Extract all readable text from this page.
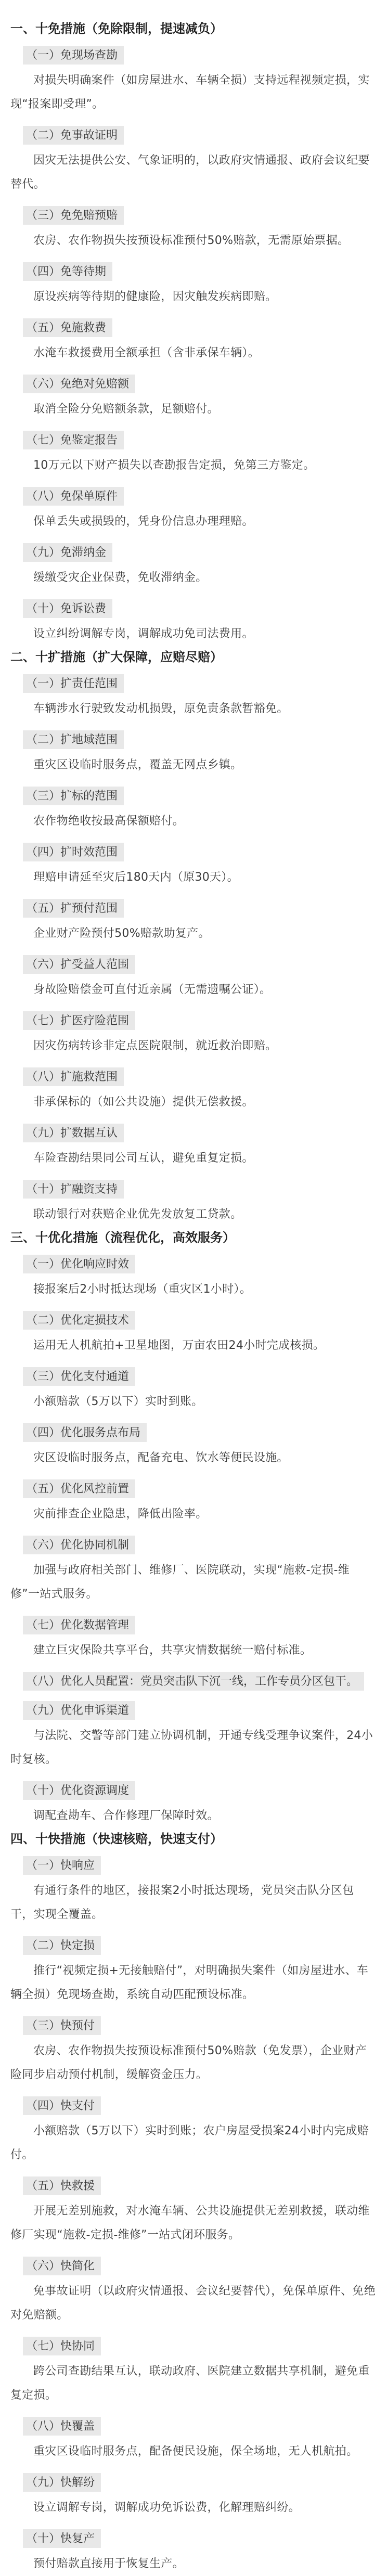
一、十免措施（免除限制，提速减负）

（一）免现场查勘

对损失明确案件（如房屋进水、车辆全损）支持远程视频定损，实现“报案即受理”。

（二）免事故证明

因灾无法提供公安、气象证明的，以政府灾情通报、政府会议纪要替代。

（三）免免赔预赔

农房、农作物损失按预设标准预付50%赔款，无需原始票据。

（四）免等待期

原设疾病等待期的健康险，因灾触发疾病即赔。

（五）免施救费

水淹车救援费用全额承担（含非承保车辆）。

（六）免绝对免赔额

取消全险分免赔额条款，足额赔付。

（七）免鉴定报告

10万元以下财产损失以查勘报告定损，免第三方鉴定。

（八）免保单原件

保单丢失或损毁的，凭身份信息办理理赔。

（九）免滞纳金

缓缴受灾企业保费，免收滞纳金。

（十）免诉讼费

设立纠纷调解专岗，调解成功免司法费用。

二、十扩措施（扩大保障，应赔尽赔）

（一）扩责任范围

车辆涉水行驶致发动机损毁，原免责条款暂豁免。

（二）扩地域范围

重灾区设临时服务点，覆盖无网点乡镇。

（三）扩标的范围

农作物绝收按最高保额赔付。

（四）扩时效范围

理赔申请延至灾后180天内（原30天）。

（五）扩预付范围

企业财产险预付50%赔款助复产。

（六）扩受益人范围

身故险赔偿金可直付近亲属（无需遗嘱公证）。

（七）扩医疗险范围

因灾伤病转诊非定点医院限制，就近救治即赔。

（八）扩施救范围

非承保标的（如公共设施）提供无偿救援。

（九）扩数据互认

车险查勘结果同公司互认，避免重复定损。

（十）扩融资支持

联动银行对获赔企业优先发放复工贷款。

三、十优化措施（流程优化，高效服务）

（一）优化响应时效

接报案后2小时抵达现场（重灾区1小时）。

（二）优化定损技术

运用无人机航拍+卫星地图，万亩农田24小时完成核损。

（三）优化支付通道

小额赔款（5万以下）实时到账。

（四）优化服务点布局

灾区设临时服务点，配备充电、饮水等便民设施。

（五）优化风控前置

灾前排查企业隐患，降低出险率。

（六）优化协同机制

加强与政府相关部门、维修厂、医院联动，实现“施救-定损-维修”一站式服务。

（七）优化数据管理

建立巨灾保险共享平台，共享灾情数据统一赔付标准。

（八）优化人员配置：党员突击队下沉一线，工作专员分区包干。

（九）优化申诉渠道

与法院、交警等部门建立协调机制，开通专线受理争议案件，24小时复核。

（十）优化资源调度

调配查勘车、合作修理厂保障时效。

四、十快措施（快速核赔，快速支付）

（一）快响应

有通行条件的地区，接报案2小时抵达现场，党员突击队分区包干，实现全覆盖。

（二）快定损

推行“视频定损+无接触赔付”，对明确损失案件（如房屋进水、车辆全损）免现场查勘，系统自动匹配预设标准。

（三）快预付

农房、农作物损失按预设标准预付50%赔款（免发票），企业财产险同步启动预付机制，缓解资金压力。

（四）快支付

小额赔款（5万以下）实时到账；农户房屋受损案24小时内完成赔付。

（五）快救援

开展无差别施救，对水淹车辆、公共设施提供无差别救援，联动维修厂实现“施救-定损-维修”一站式闭环服务。

（六）快简化

免事故证明（以政府灾情通报、会议纪要替代），免保单原件、免绝对免赔额。

（七）快协同

跨公司查勘结果互认，联动政府、医院建立数据共享机制，避免重复定损。

（八）快覆盖

重灾区设临时服务点，配备便民设施，保全场地，无人机航拍。

（九）快解纷

设立调解专岗，调解成功免诉讼费，化解理赔纠纷。

（十）快复产

预付赔款直接用于恢复生产。
